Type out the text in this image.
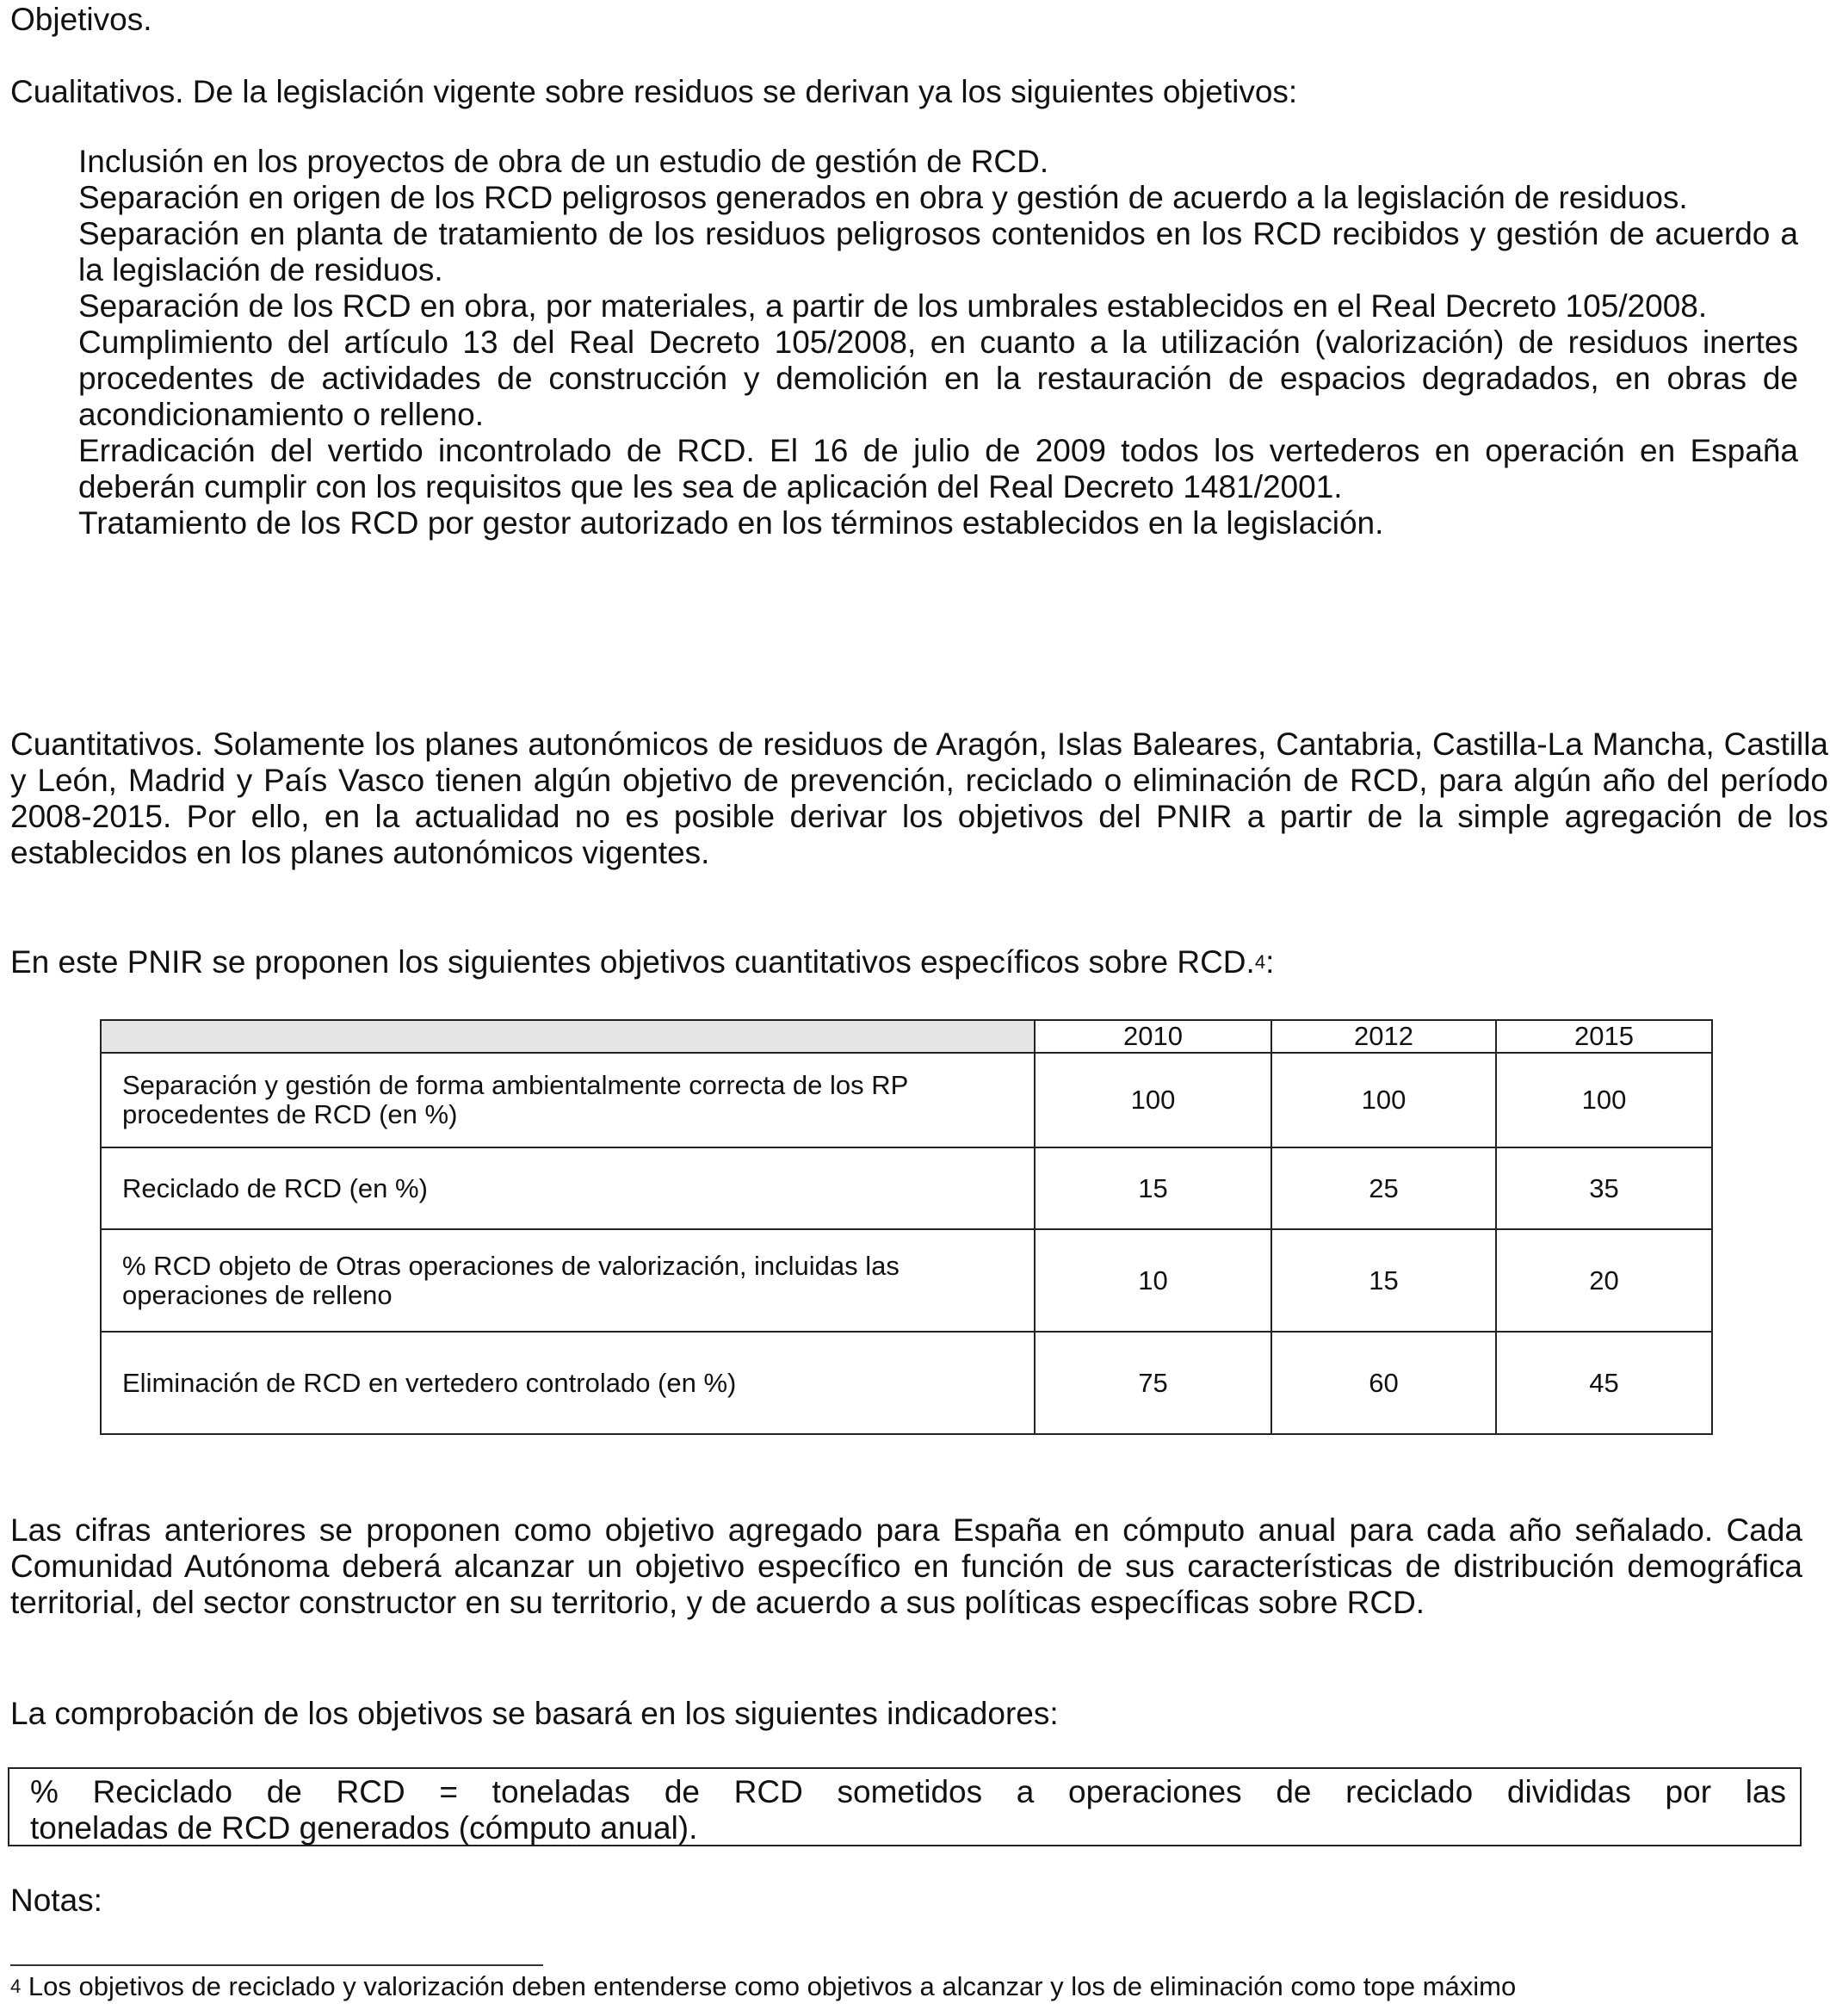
Objetivos.
Cualitativos. De la legislación vigente sobre residuos se derivan ya los siguientes objetivos:

Inclusión en los proyectos de obra de un estudio de gestión de RCD.

Separación en origen de los RCD peligrosos generados en obra y gestión de acuerdo a la legislación de residuos.

Separación en planta de tratamiento de los residuos peligrosos contenidos en los RCD recibidos y gestión de acuerdo a la legislación de residuos.

Separación de los RCD en obra, por materiales, a partir de los umbrales establecidos en el Real Decreto 105/2008.

Cumplimiento del artículo 13 del Real Decreto 105/2008, en cuanto a la utilización (valorización) de residuos inertes procedentes de actividades de construcción y demolición en la restauración de espacios degradados, en obras de acondicionamiento o relleno.

Erradicación del vertido incontrolado de RCD. El 16 de julio de 2009 todos los vertederos en operación en España deberán cumplir con los requisitos que les sea de aplicación del Real Decreto 1481/2001.

Tratamiento de los RCD por gestor autorizado en los términos establecidos en la legislación.

Cuantitativos. Solamente los planes autonómicos de residuos de Aragón, Islas Baleares, Cantabria, Castilla-La Mancha, Castilla y León, Madrid y País Vasco tienen algún objetivo de prevención, reciclado o eliminación de RCD, para algún año del período 2008-2015. Por ello, en la actualidad no es posible derivar los objetivos del PNIR a partir de la simple agregación de los establecidos en los planes autonómicos vigentes.

En este PNIR se proponen los siguientes objetivos cuantitativos específicos sobre RCD.$^4$:
	2010	2012	2015
Separación y gestión de forma ambientalmente correcta de los RP procedentes de RCD (en %)	100	100	100
Reciclado de RCD (en %)	15	25	35
% RCD objeto de Otras operaciones de valorización, incluidas las operaciones de relleno	10	15	20
Eliminación de RCD en vertedero controlado (en %)	75	60	45

Las cifras anteriores se proponen como objetivo agregado para España en cómputo anual para cada año señalado. Cada Comunidad Autónoma deberá alcanzar un objetivo específico en función de sus características de distribución demográfica territorial, del sector constructor en su territorio, y de acuerdo a sus políticas específicas sobre RCD.

La comprobación de los objetivos se basará en los siguientes indicadores:
% Reciclado de RCD = toneladas de RCD sometidos a operaciones de reciclado divididas por las
toneladas de RCD generados (cómputo anual).
Notas:
$^4$ Los objetivos de reciclado y valorización deben entenderse como objetivos a alcanzar y los de eliminación como tope máximo
